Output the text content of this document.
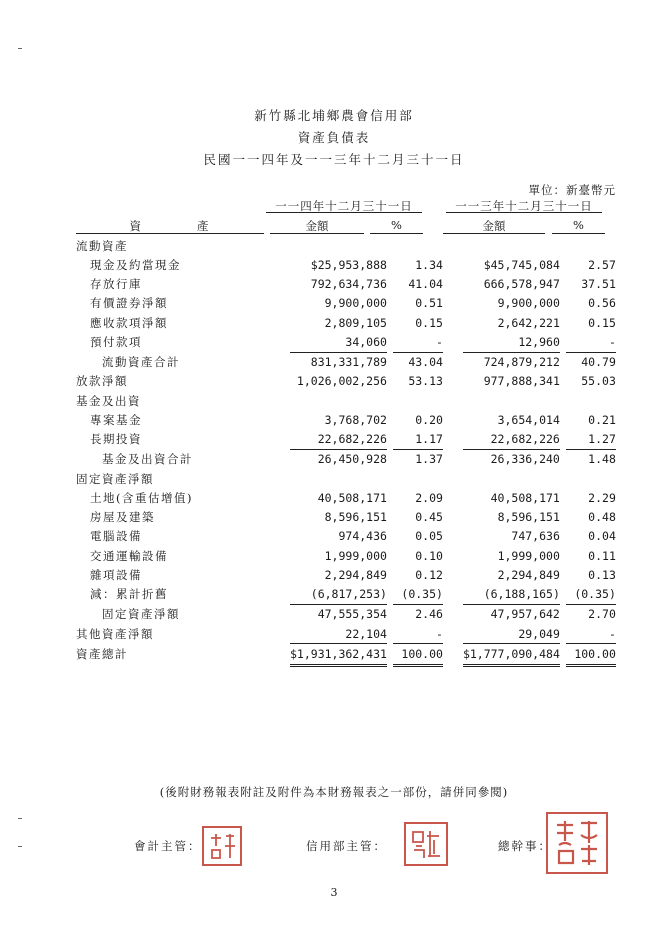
新竹縣北埔鄉農會信用部
資產負債表
民國一一四年及一一三年十二月三十一日
單位：新臺幣元
一一四年十二月三十一日	一一三年十二月三十一日
資　　　　產	金額	%	金額	%
流動資產							
現金及約當現金	$25,953,888		1.34		$45,745,084		2.57
存放行庫	792,634,736		41.04		666,578,947		37.51
有價證券淨額	9,900,000		0.51		9,900,000		0.56
應收款項淨額	2,809,105		0.15		2,642,221		0.15
預付款項	34,060		-		12,960		-
流動資產合計	831,331,789		43.04		724,879,212		40.79
放款淨額	1,026,002,256		53.13		977,888,341		55.03
基金及出資							
專案基金	3,768,702		0.20		3,654,014		0.21
長期投資	22,682,226		1.17		22,682,226		1.27
基金及出資合計	26,450,928		1.37		26,336,240		1.48
固定資產淨額							
土地(含重估增值)	40,508,171		2.09		40,508,171		2.29
房屋及建築	8,596,151		0.45		8,596,151		0.48
電腦設備	974,436		0.05		747,636		0.04
交通運輸設備	1,999,000		0.10		1,999,000		0.11
雜項設備	2,294,849		0.12		2,294,849		0.13
減：累計折舊	(6,817,253)		(0.35)		(6,188,165)		(0.35)
固定資產淨額	47,555,354		2.46		47,957,642		2.70
其他資產淨額	22,104		-		29,049		-
資產總計	$1,931,362,431		100.00		$1,777,090,484		100.00
(後附財務報表附註及附件為本財務報表之一部份，請併同參閱)
會計主管：	信用部主管：	總幹事：
3
